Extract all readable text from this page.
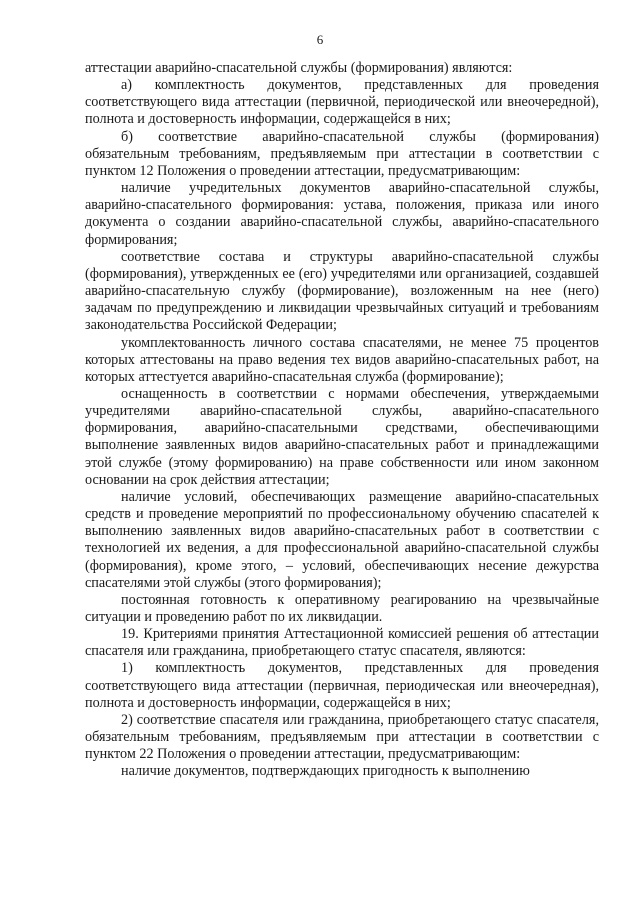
6

аттестации аварийно-спасательной службы (формирования) являются:

а) комплектность документов, представленных для проведения соответствующего вида аттестации (первичной, периодической или внеочередной), полнота и достоверность информации, содержащейся в них;

б) соответствие аварийно-спасательной службы (формирования) обязательным требованиям, предъявляемым при аттестации в соответствии с пунктом 12 Положения о проведении аттестации, предусматривающим:

наличие учредительных документов аварийно-спасательной службы, аварийно-спасательного формирования: устава, положения, приказа или иного документа о создании аварийно-спасательной службы, аварийно-спасательного формирования;

соответствие состава и структуры аварийно-спасательной службы (формирования), утвержденных ее (его) учредителями или организацией, создавшей аварийно-спасательную службу (формирование), возложенным на нее (него) задачам по предупреждению и ликвидации чрезвычайных ситуаций и требованиям законодательства Российской Федерации;

укомплектованность личного состава спасателями, не менее 75 процентов которых аттестованы на право ведения тех видов аварийно-спасательных работ, на которых аттестуется аварийно-спасательная служба (формирование);

оснащенность в соответствии с нормами обеспечения, утверждаемыми учредителями аварийно-спасательной службы, аварийно-спасательного формирования, аварийно-спасательными средствами, обеспечивающими выполнение заявленных видов аварийно-спасательных работ и принадлежащими этой службе (этому формированию) на праве собственности или ином законном основании на срок действия аттестации;

наличие условий, обеспечивающих размещение аварийно-спасательных средств и проведение мероприятий по профессиональному обучению спасателей к выполнению заявленных видов аварийно-спасательных работ в соответствии с технологией их ведения, а для профессиональной аварийно-спасательной службы (формирования), кроме этого, – условий, обеспечивающих несение дежурства спасателями этой службы (этого формирования);

постоянная готовность к оперативному реагированию на чрезвычайные ситуации и проведению работ по их ликвидации.

19. Критериями принятия Аттестационной комиссией решения об аттестации спасателя или гражданина, приобретающего статус спасателя, являются:

1) комплектность документов, представленных для проведения соответствующего вида аттестации (первичная, периодическая или внеочередная), полнота и достоверность информации, содержащейся в них;

2) соответствие спасателя или гражданина, приобретающего статус спасателя, обязательным требованиям, предъявляемым при аттестации в соответствии с пунктом 22 Положения о проведении аттестации, предусматривающим:

наличие документов, подтверждающих пригодность к выполнению
